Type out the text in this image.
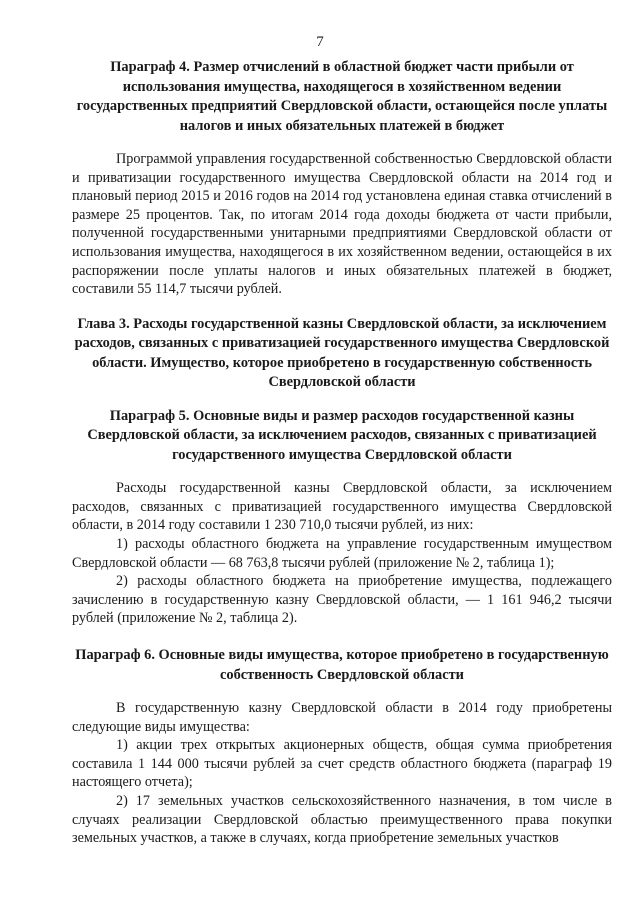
7

Параграф 4. Размер отчислений в областной бюджет части прибыли от использования имущества, находящегося в хозяйственном ведении государственных предприятий Свердловской области, остающейся после уплаты налогов и иных обязательных платежей в бюджет

Программой управления государственной собственностью Свердловской области и приватизации государственного имущества Свердловской области на 2014 год и плановый период 2015 и 2016 годов на 2014 год установлена единая ставка отчислений в размере 25 процентов. Так, по итогам 2014 года доходы бюджета от части прибыли, полученной государственными унитарными предприятиями Свердловской области от использования имущества, находящегося в их хозяйственном ведении, остающейся в их распоряжении после уплаты налогов и иных обязательных платежей в бюджет, составили 55 114,7 тысячи рублей.

Глава 3. Расходы государственной казны Свердловской области, за исключением расходов, связанных с приватизацией государственного имущества Свердловской области. Имущество, которое приобретено в государственную собственность Свердловской области

Параграф 5. Основные виды и размер расходов государственной казны Свердловской области, за исключением расходов, связанных с приватизацией государственного имущества Свердловской области

Расходы государственной казны Свердловской области, за исключением расходов, связанных с приватизацией государственного имущества Свердловской области, в 2014 году составили 1 230 710,0 тысячи рублей, из них:

1) расходы областного бюджета на управление государственным имуществом Свердловской области — 68 763,8 тысячи рублей (приложение № 2, таблица 1);

2) расходы областного бюджета на приобретение имущества, подлежащего зачислению в государственную казну Свердловской области, — 1 161 946,2 тысячи рублей (приложение № 2, таблица 2).

Параграф 6. Основные виды имущества, которое приобретено в государственную собственность Свердловской области

В государственную казну Свердловской области в 2014 году приобретены следующие виды имущества:

1) акции трех открытых акционерных обществ, общая сумма приобретения составила 1 144 000 тысячи рублей за счет средств областного бюджета (параграф 19 настоящего отчета);

2) 17 земельных участков сельскохозяйственного назначения, в том числе в случаях реализации Свердловской областью преимущественного права покупки земельных участков, а также в случаях, когда приобретение земельных участков
